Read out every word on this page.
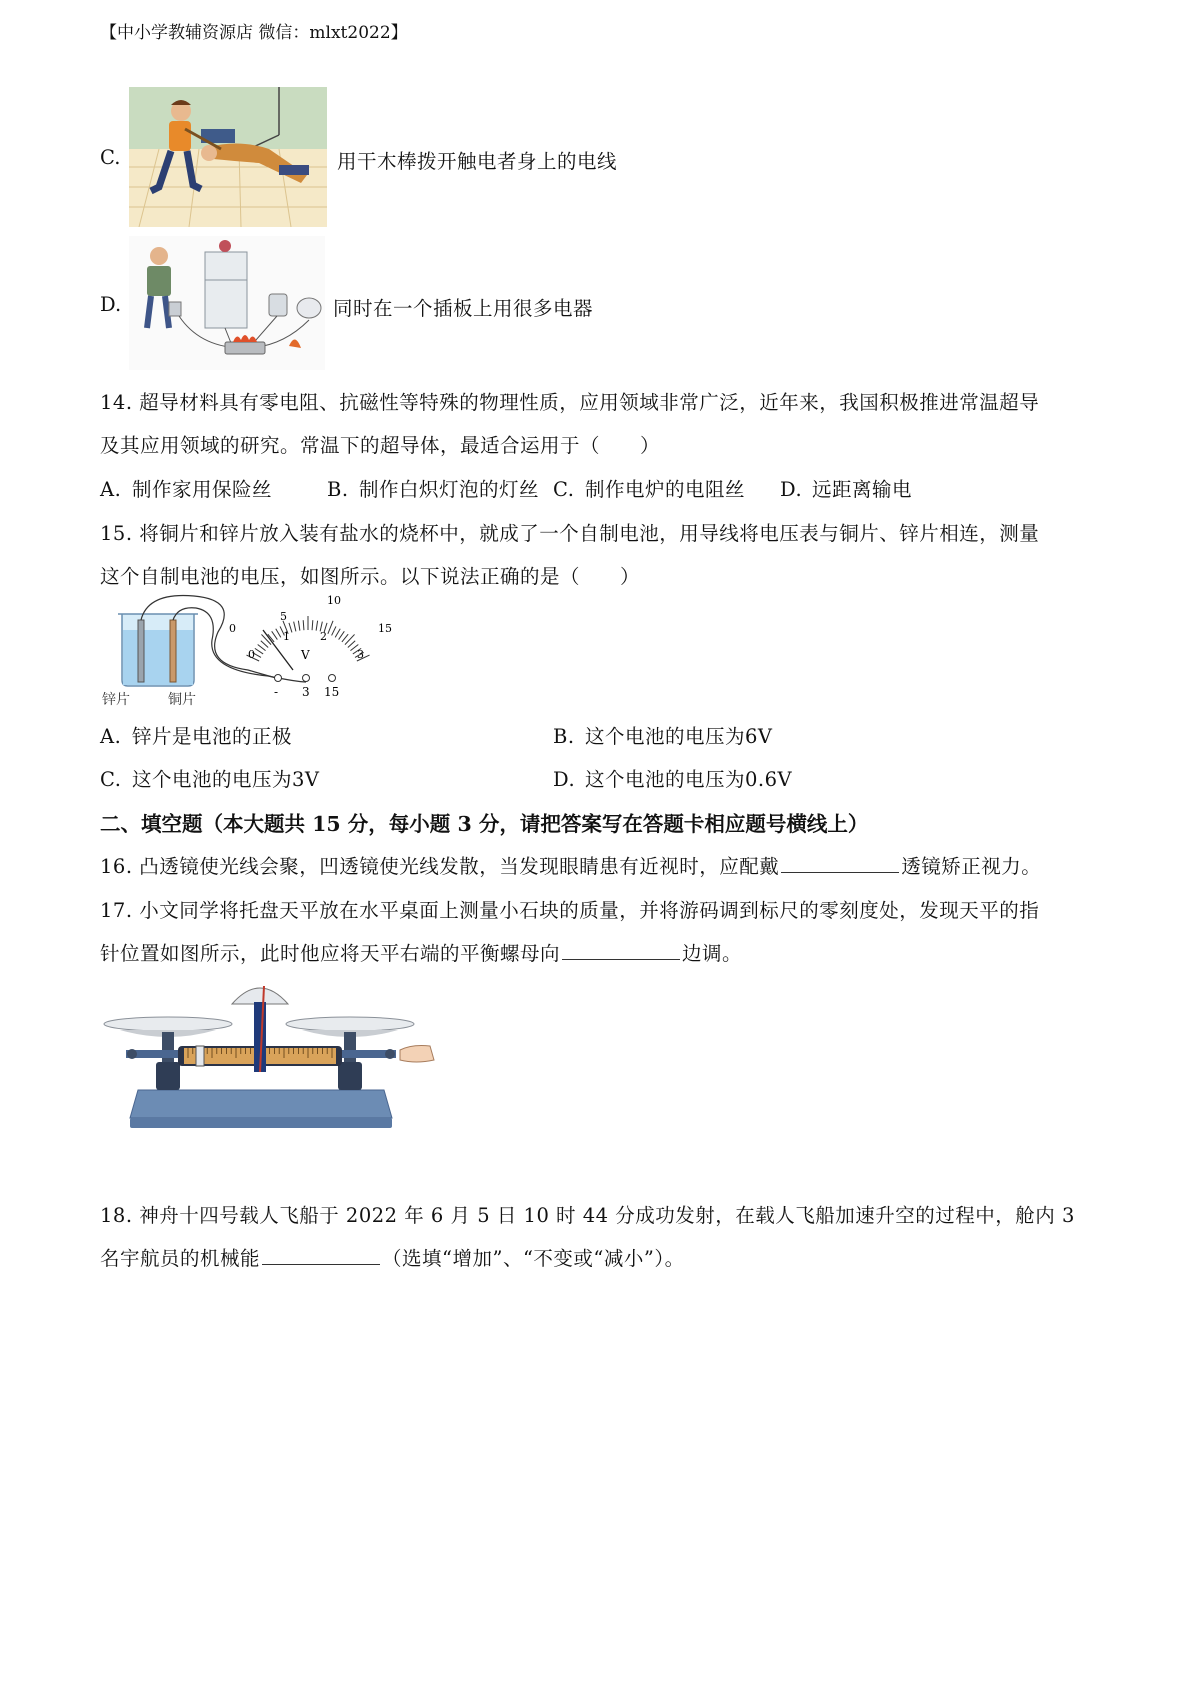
【中小学教辅资源店 微信：mlxt2022】
C.	用干木棒拨开触电者身上的电线
D.	同时在一个插板上用很多电器
14. 超导材料具有零电阻、抗磁性等特殊的物理性质，应用领域非常广泛，近年来，我国积极推进常温超导
及其应用领域的研究。常温下的超导体，最适合运用于（　　）
A. 制作家用保险丝	B. 制作白炽灯泡的灯丝 C. 制作电炉的电阻丝 D. 远距离输电
15. 将铜片和锌片放入装有盐水的烧杯中，就成了一个自制电池，用导线将电压表与铜片、锌片相连，测量
这个自制电池的电压，如图所示。以下说法正确的是（　　）
5
0
10
15
0
1	2
3
V
- 3 15
锌片	铜片
A. 锌片是电池的正极	B. 这个电池的电压为6V
C. 这个电池的电压为3V	D. 这个电池的电压为0.6V
二、填空题（本大题共 15 分，每小题 3 分，请把答案写在答题卡相应题号横线上）
16. 凸透镜使光线会聚，凹透镜使光线发散，当发现眼睛患有近视时，应配戴	透镜矫正视力。
17. 小文同学将托盘天平放在水平桌面上测量小石块的质量，并将游码调到标尺的零刻度处，发现天平的指
针位置如图所示，此时他应将天平右端的平衡螺母向	边调。
18. 神舟十四号载人飞船于 2022 年 6 月 5 日 10 时 44 分成功发射，在载人飞船加速升空的过程中，舱内 3
名宇航员的机械能	（选填“增加”、“不变或“减小”）。
